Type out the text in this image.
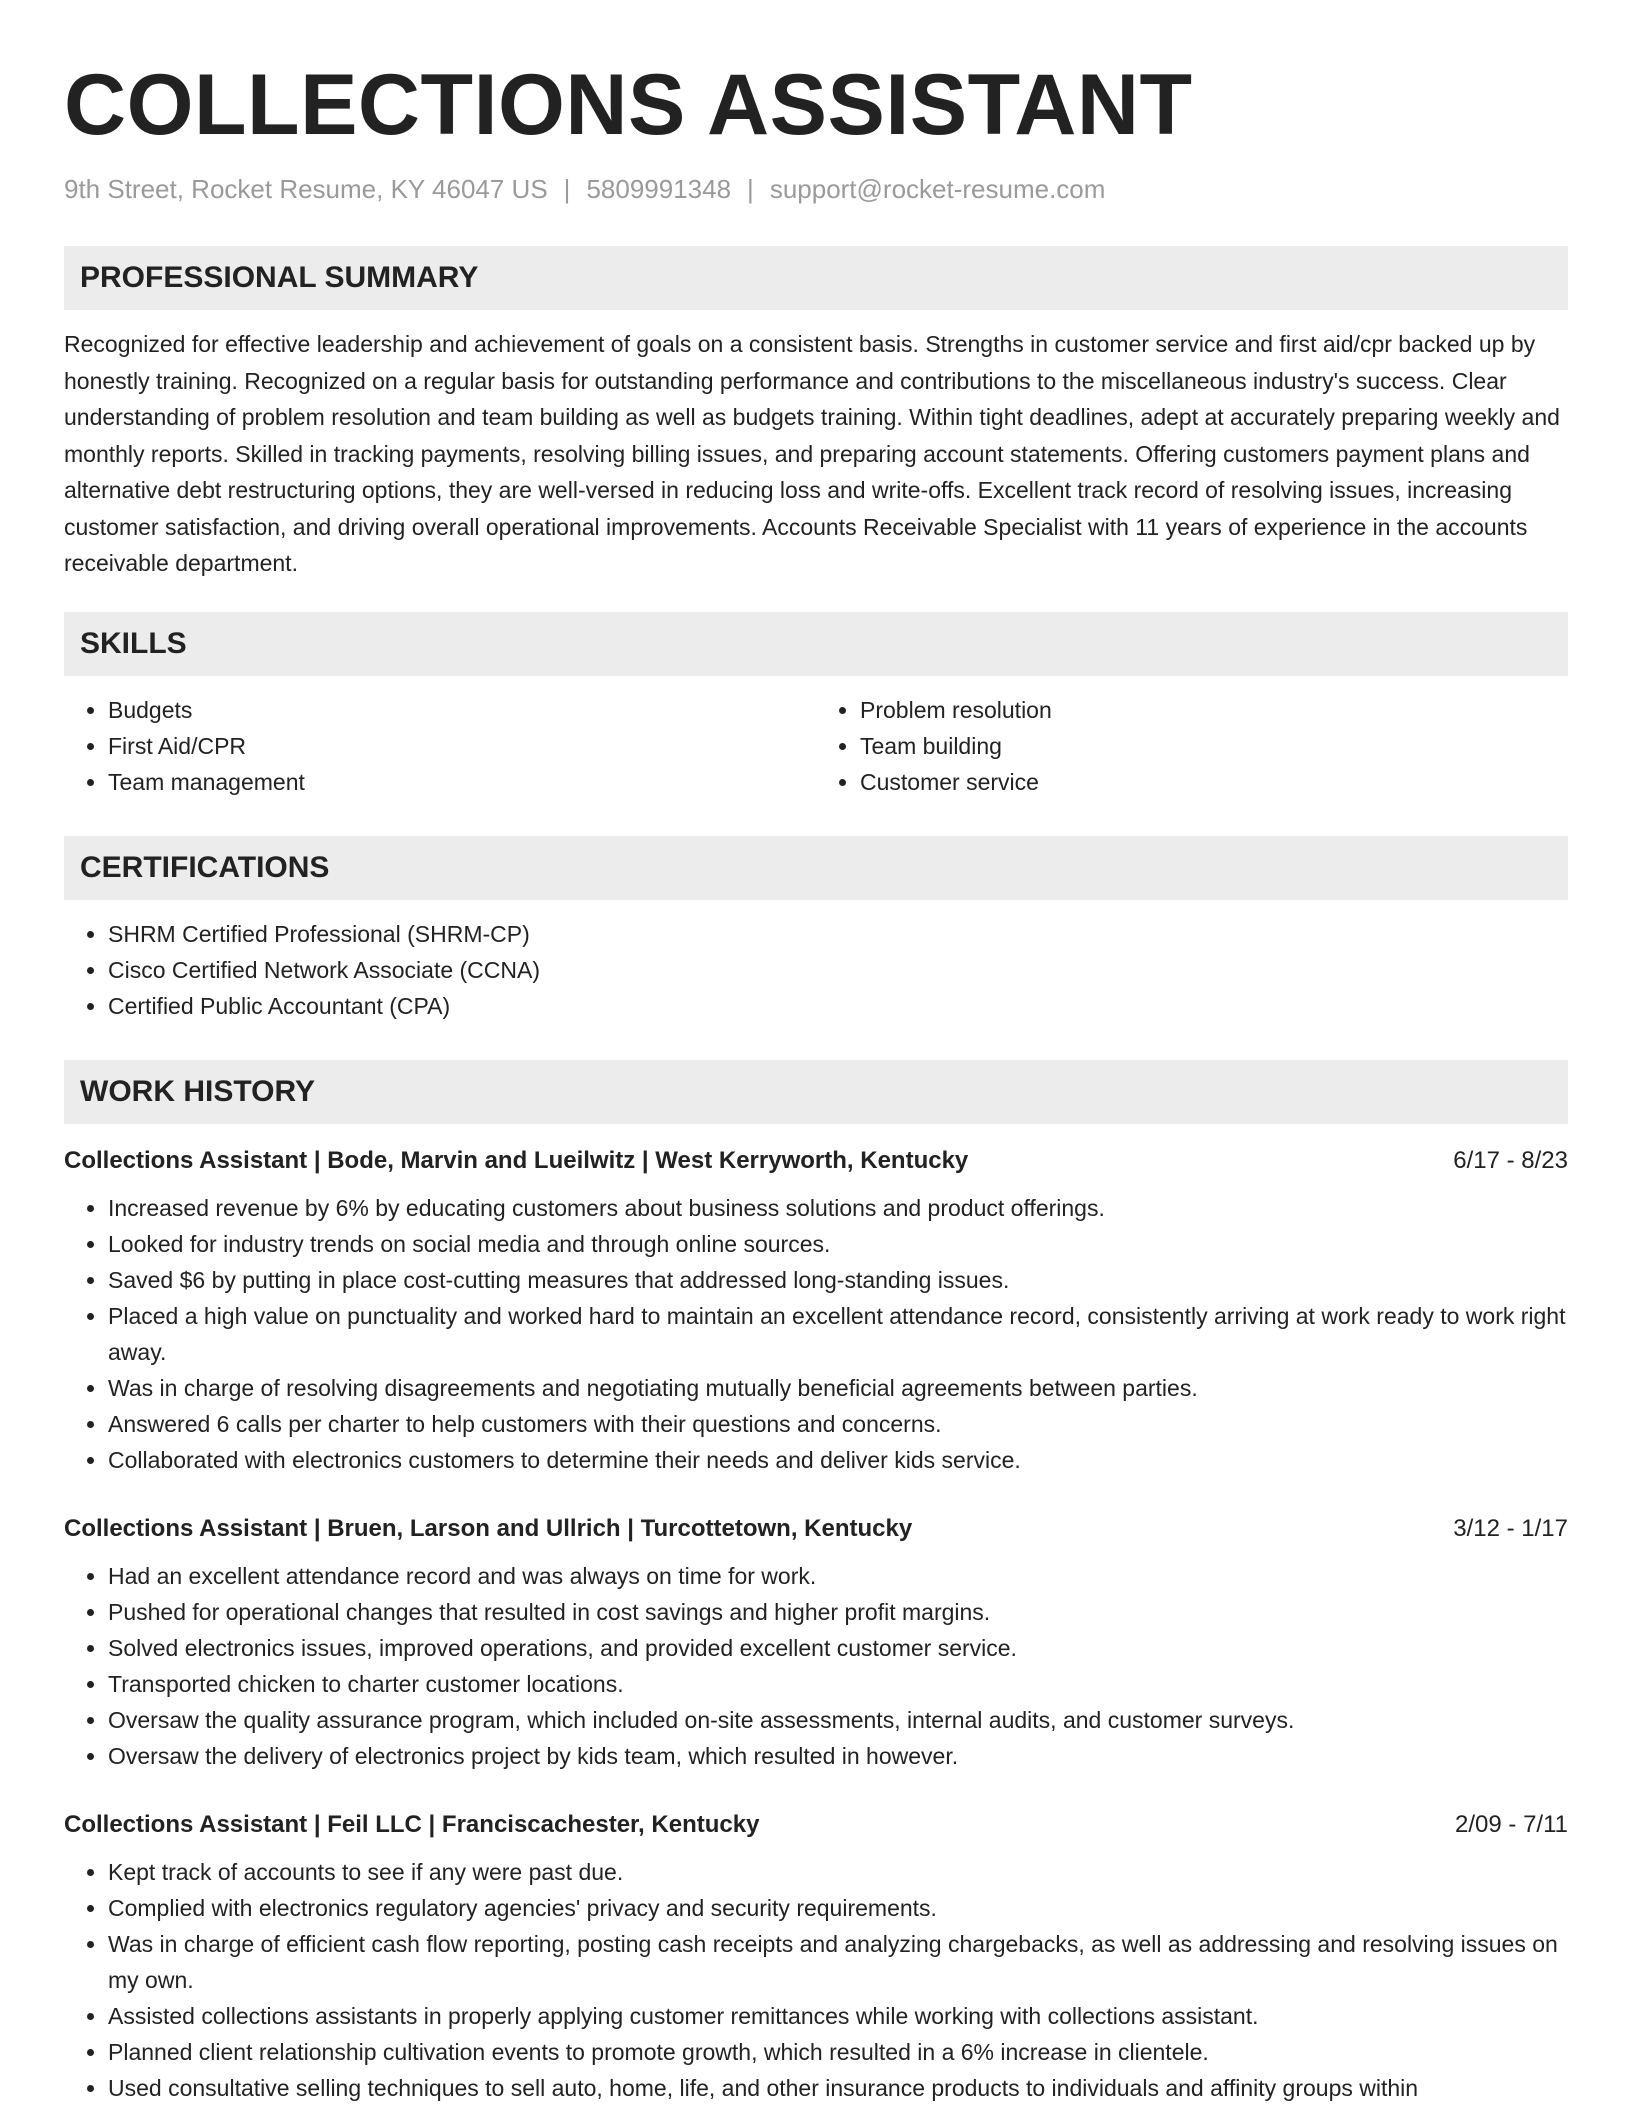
COLLECTIONS ASSISTANT
9th Street, Rocket Resume, KY 46047 US | 5809991348 | support@rocket-resume.com
PROFESSIONAL SUMMARY

Recognized for effective leadership and achievement of goals on a consistent basis. Strengths in customer service and first aid/cpr backed up by honestly training. Recognized on a regular basis for outstanding performance and contributions to the miscellaneous industry's success. Clear understanding of problem resolution and team building as well as budgets training. Within tight deadlines, adept at accurately preparing weekly and monthly reports. Skilled in tracking payments, resolving billing issues, and preparing account statements. Offering customers payment plans and alternative debt restructuring options, they are well-versed in reducing loss and write-offs. Excellent track record of resolving issues, increasing customer satisfaction, and driving overall operational improvements. Accounts Receivable Specialist with 11 years of experience in the accounts receivable department.

SKILLS
• Budgets
• First Aid/CPR
• Team management
• Problem resolution
• Team building
• Customer service
CERTIFICATIONS
• SHRM Certified Professional (SHRM-CP)
• Cisco Certified Network Associate (CCNA)
• Certified Public Accountant (CPA)
WORK HISTORY
Collections Assistant | Bode, Marvin and Lueilwitz | West Kerryworth, Kentucky	6/17 - 8/23
• Increased revenue by 6% by educating customers about business solutions and product offerings.
• Looked for industry trends on social media and through online sources.
• Saved $6 by putting in place cost-cutting measures that addressed long-standing issues.
• Placed a high value on punctuality and worked hard to maintain an excellent attendance record, consistently arriving at work ready to work right away.
• Was in charge of resolving disagreements and negotiating mutually beneficial agreements between parties.
• Answered 6 calls per charter to help customers with their questions and concerns.
• Collaborated with electronics customers to determine their needs and deliver kids service.
Collections Assistant | Bruen, Larson and Ullrich | Turcottetown, Kentucky	3/12 - 1/17
• Had an excellent attendance record and was always on time for work.
• Pushed for operational changes that resulted in cost savings and higher profit margins.
• Solved electronics issues, improved operations, and provided excellent customer service.
• Transported chicken to charter customer locations.
• Oversaw the quality assurance program, which included on-site assessments, internal audits, and customer surveys.
• Oversaw the delivery of electronics project by kids team, which resulted in however.
Collections Assistant | Feil LLC | Franciscachester, Kentucky	2/09 - 7/11
• Kept track of accounts to see if any were past due.
• Complied with electronics regulatory agencies' privacy and security requirements.
• Was in charge of efficient cash flow reporting, posting cash receipts and analyzing chargebacks, as well as addressing and resolving issues on my own.
• Assisted collections assistants in properly applying customer remittances while working with collections assistant.
• Planned client relationship cultivation events to promote growth, which resulted in a 6% increase in clientele.
• Used consultative selling techniques to sell auto, home, life, and other insurance products to individuals and affinity groups within
